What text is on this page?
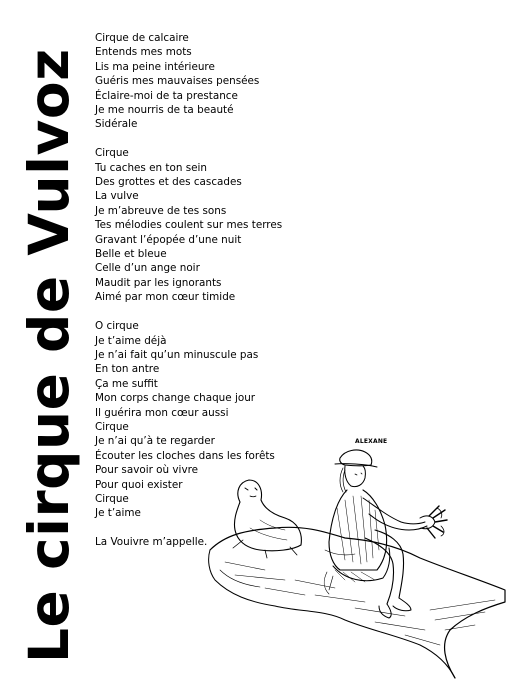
Le cirque de Vulvoz
Cirque de calcaire
Entends mes mots
Lis ma peine intérieure
Guéris mes mauvaises pensées
Éclaire-moi de ta prestance
Je me nourris de ta beauté
Sidérale
Cirque
Tu caches en ton sein
Des grottes et des cascades
La vulve
Je m’abreuve de tes sons
Tes mélodies coulent sur mes terres
Gravant l’épopée d’une nuit
Belle et bleue
Celle d’un ange noir
Maudit par les ignorants
Aimé par mon cœur timide
O cirque
Je t’aime déjà
Je n’ai fait qu’un minuscule pas
En ton antre
Ça me suffit
Mon corps change chaque jour
Il guérira mon cœur aussi
Cirque
Je n’ai qu’à te regarder
Écouter les cloches dans les forêts
Pour savoir où vivre
Pour quoi exister
Cirque
Je t’aime
La Vouivre m’appelle.
ALEXANE
